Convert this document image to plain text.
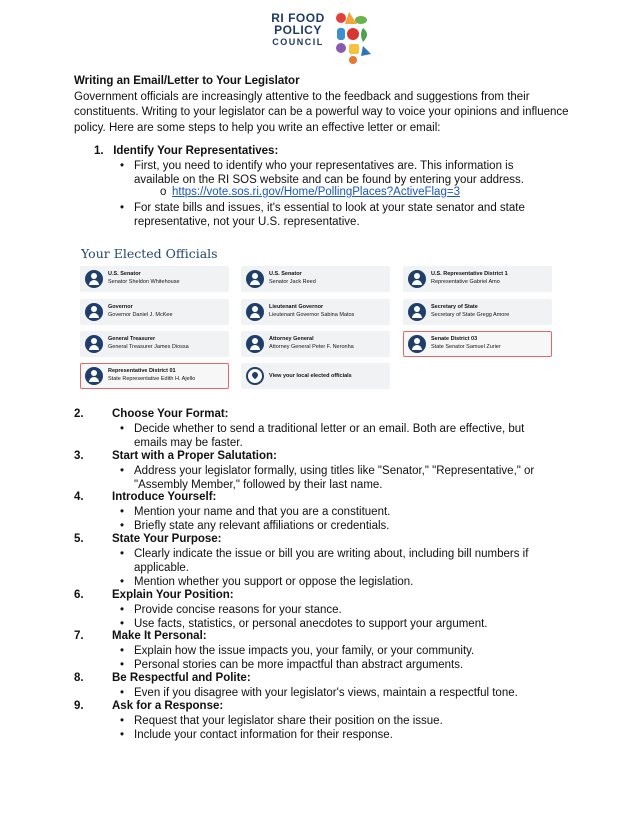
RI FOOD
POLICY
COUNCIL
Writing an Email/Letter to Your Legislator
Government officials are increasingly attentive to the feedback and suggestions from their constituents. Writing to your legislator can be a powerful way to voice your opinions and influence policy. Here are some steps to help you write an effective letter or email:
1. Identify Your Representatives:
• First, you need to identify who your representatives are. This information is available on the RI SOS website and can be found by entering your address.
o https://vote.sos.ri.gov/Home/PollingPlaces?ActiveFlag=3
• For state bills and issues, it's essential to look at your state senator and state representative, not your U.S. representative.
Your Elected Officials
U.S. Senator
Senator Sheldon Whitehouse
U.S. Senator
Senator Jack Reed
U.S. Representative District 1
Representative Gabriel Amo
Governor
Governor Daniel J. McKee
Lieutenant Governor
Lieutenant Governor Sabina Matos
Secretary of State
Secretary of State Gregg Amore
General Treasurer
General Treasurer James Diossa
Attorney General
Attorney General Peter F. Neronha
Senate District 03
State Senator Samuel Zurier
Representative District 01
State Representative Edith H. Ajello	View your local elected officials
2. Choose Your Format:
• Decide whether to send a traditional letter or an email. Both are effective, but emails may be faster.
3. Start with a Proper Salutation:
• Address your legislator formally, using titles like "Senator," "Representative," or "Assembly Member," followed by their last name.
4. Introduce Yourself:
• Mention your name and that you are a constituent.
• Briefly state any relevant affiliations or credentials.
5. State Your Purpose:
• Clearly indicate the issue or bill you are writing about, including bill numbers if applicable.
• Mention whether you support or oppose the legislation.
6. Explain Your Position:
• Provide concise reasons for your stance.
• Use facts, statistics, or personal anecdotes to support your argument.
7. Make It Personal:
• Explain how the issue impacts you, your family, or your community.
• Personal stories can be more impactful than abstract arguments.
8. Be Respectful and Polite:
• Even if you disagree with your legislator's views, maintain a respectful tone.
9. Ask for a Response:
• Request that your legislator share their position on the issue.
• Include your contact information for their response.
